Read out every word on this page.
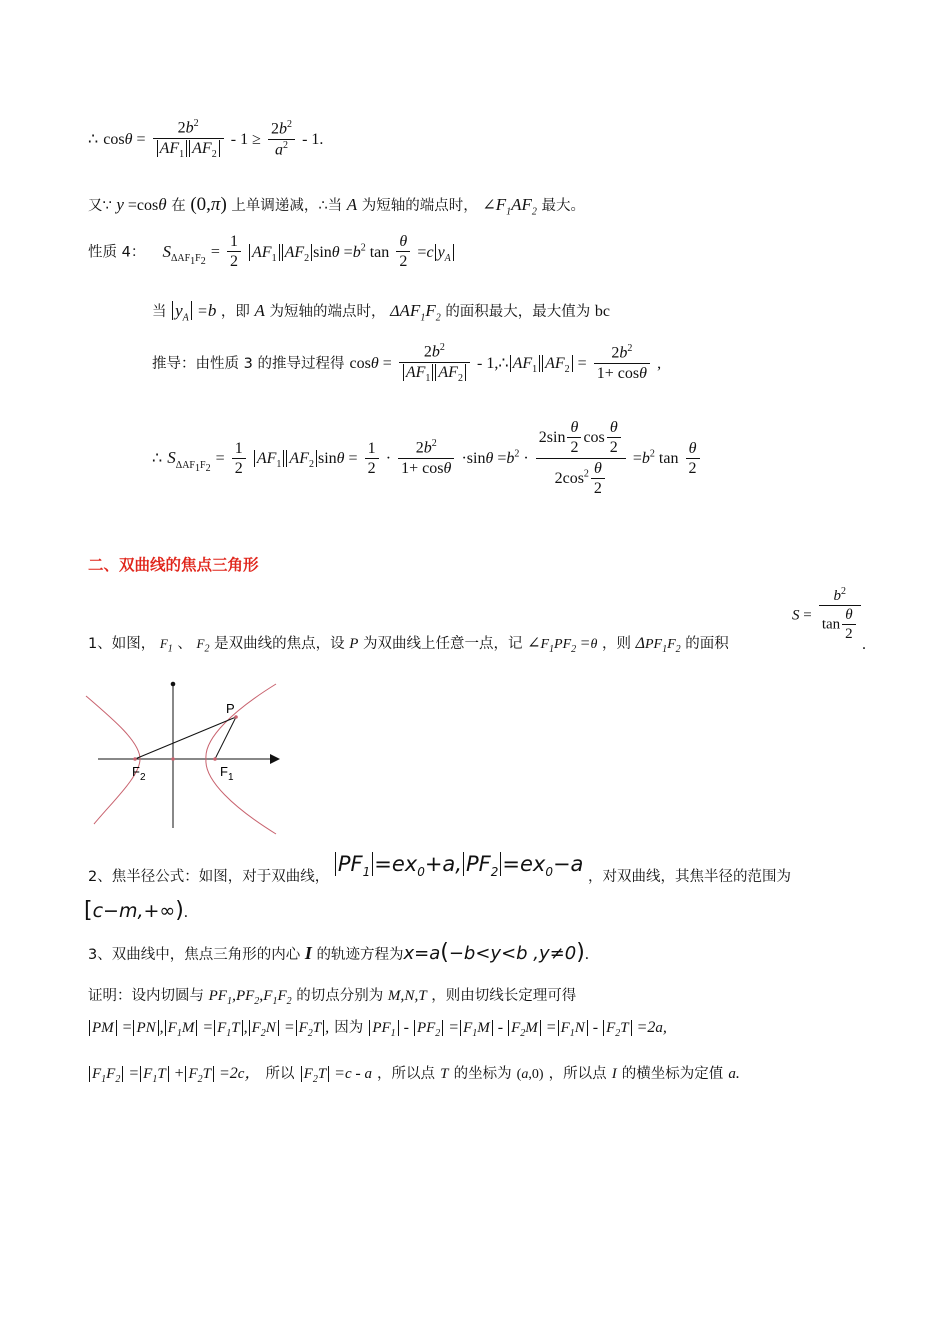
∴ $\cos\theta = \frac{2b^2}{AF_1 AF_2} - 1 \ge \frac{2b^2}{a^2} - 1$.
又∵ y =cosθ 在 (0,π) 上单调递减，∴当 A 为短轴的端点时， $\angle F_1AF_2$ 最大。
性质 4： $S_{\Delta AF_1F_2} = \frac{1}{2} AF_1$ $AF_2$ $\sin\theta =b^2$ $\tan \frac{\theta}{2} =c$ $y_A$
当 $y_A =b$ ，即 A 为短轴的端点时， $\Delta AF_1F_2$ 的面积最大，最大值为 bc
推导：由性质 3 的推导过程得 $\cos\theta = \frac{2b^2}{AF_1 AF_2}$ - 1,∴ $AF_1$ $AF_2 = \frac{2b^2}{1+ \cos\theta}$ ,
∴ $S_{\Delta AF_1F_2} = \frac{1}{2} AF_1$ $AF_2$ $\sin\theta = \frac{1}{2} \cdot \frac{2b^2}{1+ \cos\theta} \cdot\sin\theta =b^2 \cdot \frac{2\sin \frac{\theta}{2} \cos \frac{\theta}{2}}{2\cos^2 \frac{\theta}{2}} =b^2$ $\tan \frac{\theta}{2}$
二、双曲线的焦点三角形
$S = \frac{b^2}{\tan \frac{\theta}{2}}$
1、如图， $F_1$ 、 $F_2$ 是双曲线的焦点，设 P 为双曲线上任意一点，记 $\angle F_1PF_2 =\theta$ ，则 $\Delta PF_1F_2$ 的面积	.
P
$F_1$
$F_2$
2、焦半径公式：如图，对于双曲线， $PF_1 =ex_0+a$, $PF_2 =ex_0-a$ ，对双曲线，其焦半径的范围为
[c−m,+∞).
3、双曲线中，焦点三角形的内心 I 的轨迹方程为x=a(−b<y<b ,y≠0).
证明：设内切圆与 $PF_1,PF_2,F_1F_2$ 的切点分别为 M,N,T ，则由切线长定理可得
PM = PN , $F_1M = F_1T$ , $F_2N = F_2T$ , 因为 $PF_1 - PF_2 = F_1M - F_2M = F_1N - F_2T =2a$,
$F_1F_2 = F_1T + F_2T =2c$， 所以 $F_2T =c - a$ ，所以点 T 的坐标为 (a,0) ，所以点 I 的横坐标为定值 a.
